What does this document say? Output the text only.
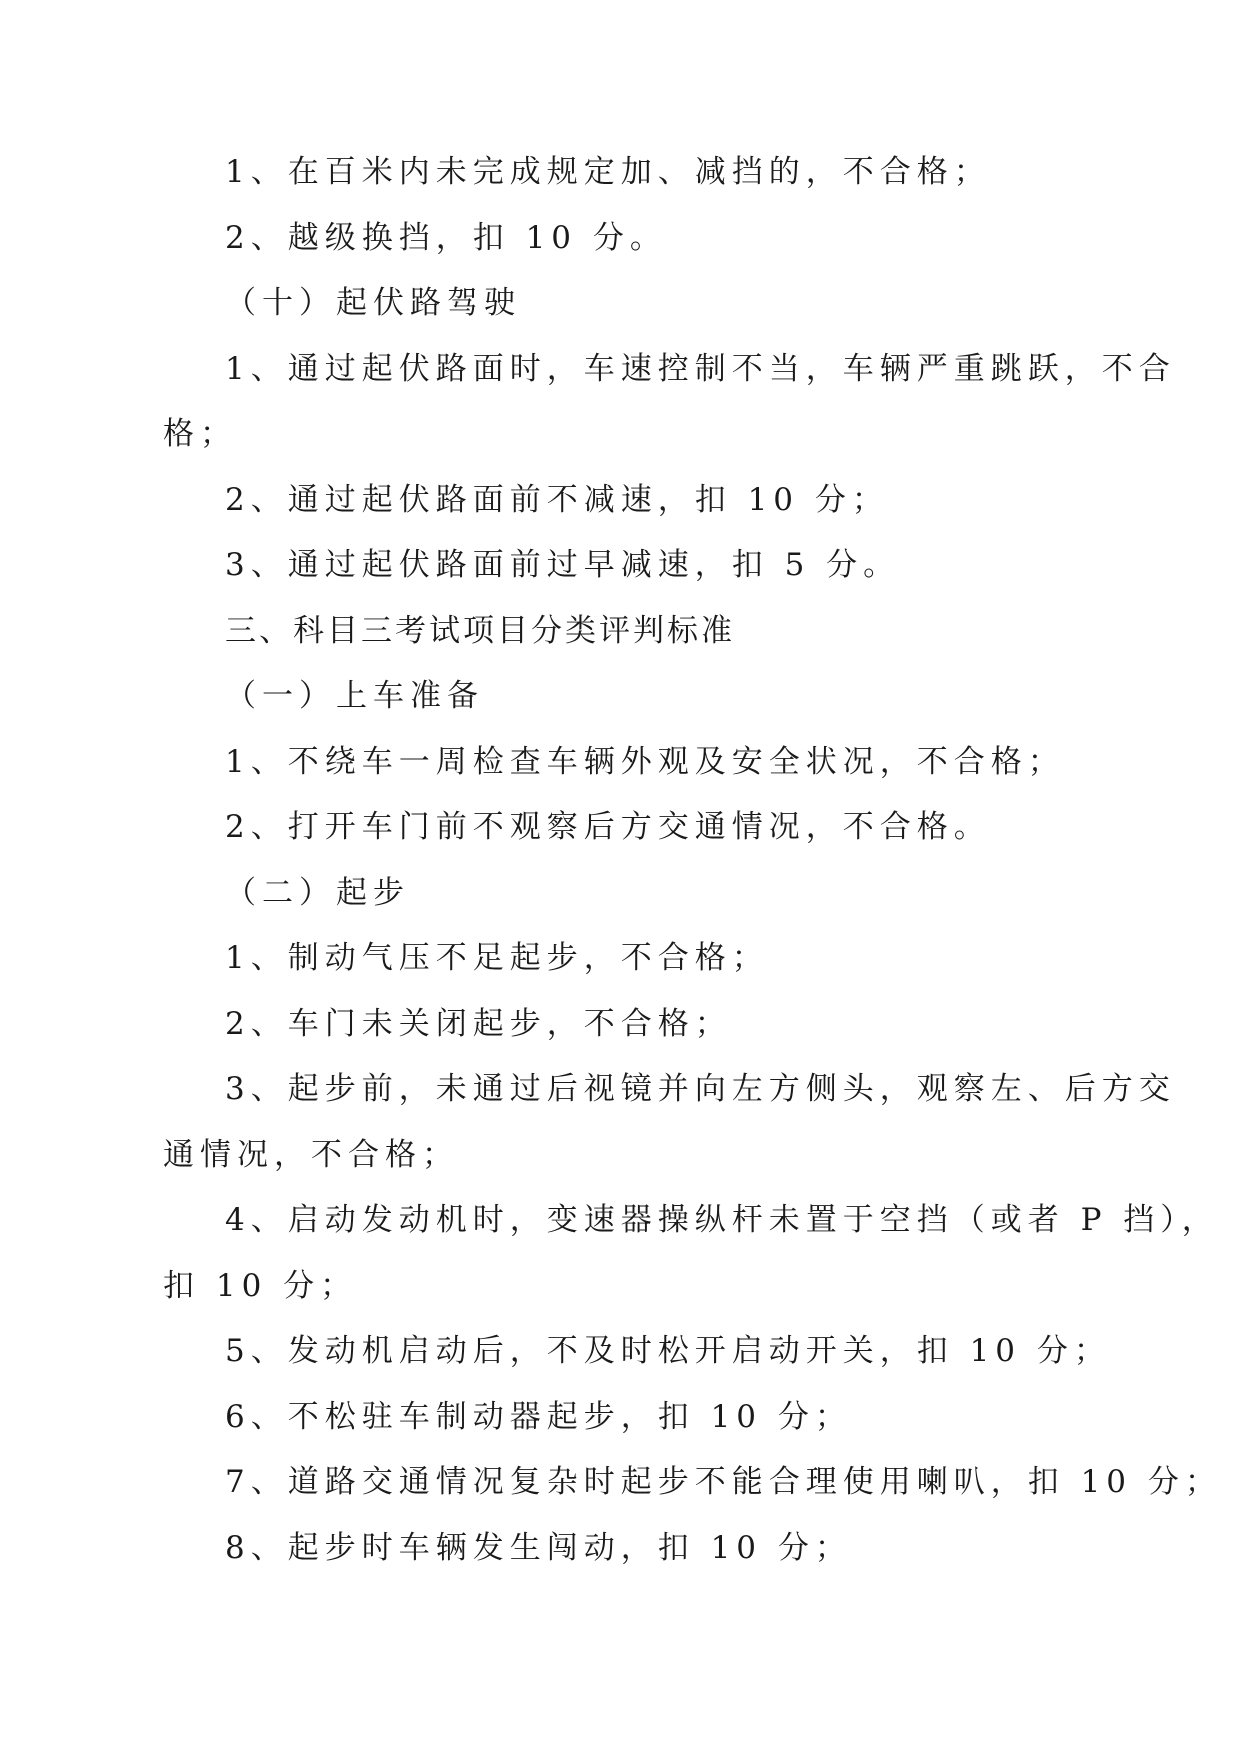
1、在百米内未完成规定加、减挡的，不合格；
2、越级换挡，扣 10 分。
（十）起伏路驾驶
1、通过起伏路面时，车速控制不当，车辆严重跳跃，不合
格；
2、通过起伏路面前不减速，扣 10 分；
3、通过起伏路面前过早减速，扣 5 分。
三、科目三考试项目分类评判标准
（一）上车准备
1、不绕车一周检查车辆外观及安全状况，不合格；
2、打开车门前不观察后方交通情况，不合格。
（二）起步
1、制动气压不足起步，不合格；
2、车门未关闭起步，不合格；
3、起步前，未通过后视镜并向左方侧头，观察左、后方交
通情况，不合格；
4、启动发动机时，变速器操纵杆未置于空挡（或者 P 挡），
扣 10 分；
5、发动机启动后，不及时松开启动开关，扣 10 分；
6、不松驻车制动器起步，扣 10 分；
7、道路交通情况复杂时起步不能合理使用喇叭，扣 10 分；
8、起步时车辆发生闯动，扣 10 分；
